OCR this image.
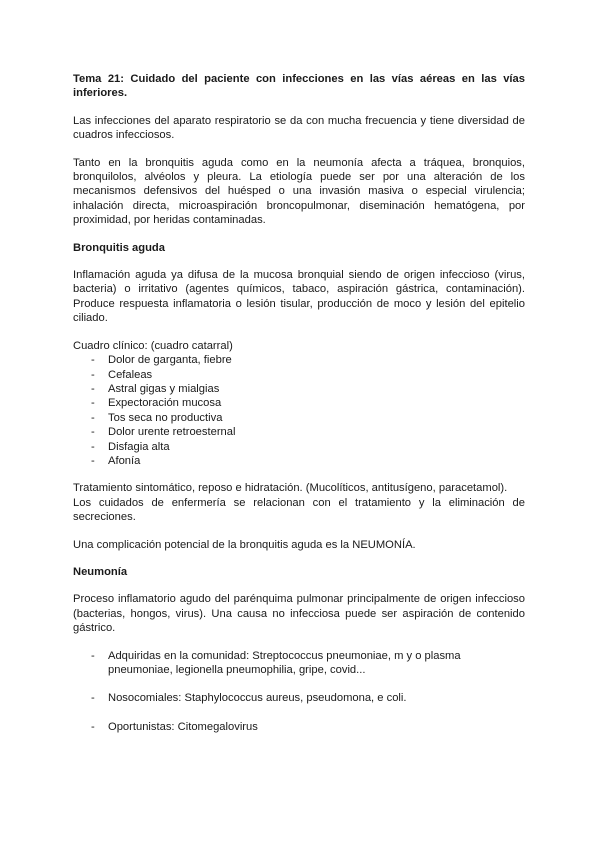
Tema 21: Cuidado del paciente con infecciones en las vías aéreas en las vías inferiores.

Las infecciones del aparato respiratorio se da con mucha frecuencia y tiene diversidad de cuadros infecciosos.

Tanto en la bronquitis aguda como en la neumonía afecta a tráquea, bronquios, bronquilolos, alvéolos y pleura. La etiología puede ser por una alteración de los mecanismos defensivos del huésped o una invasión masiva o especial virulencia; inhalación directa, microaspiración broncopulmonar, diseminación hematógena, por proximidad, por heridas contaminadas.

Bronquitis aguda

Inflamación aguda ya difusa de la mucosa bronquial siendo de origen infeccioso (virus, bacteria) o irritativo (agentes químicos, tabaco, aspiración gástrica, contaminación). Produce respuesta inflamatoria o lesión tisular, producción de moco y lesión del epitelio ciliado.

Cuadro clínico: (cuadro catarral)

- Dolor de garganta, fiebre
- Cefaleas
- Astral gigas y mialgias
- Expectoración mucosa
- Tos seca no productiva
- Dolor urente retroesternal
- Disfagia alta
- Afonía

Tratamiento sintomático, reposo e hidratación. (Mucolíticos, antitusígeno, paracetamol).

Los cuidados de enfermería se relacionan con el tratamiento y la eliminación de secreciones.

Una complicación potencial de la bronquitis aguda es la NEUMONÍA.

Neumonía

Proceso inflamatorio agudo del parénquima pulmonar principalmente de origen infeccioso (bacterias, hongos, virus). Una causa no infecciosa puede ser aspiración de contenido gástrico.

- Adquiridas en la comunidad: Streptococcus pneumoniae, m y o plasma pneumoniae, legionella pneumophilia, gripe, covid...
- Nosocomiales: Staphylococcus aureus, pseudomona, e coli.
- Oportunistas: Citomegalovirus
